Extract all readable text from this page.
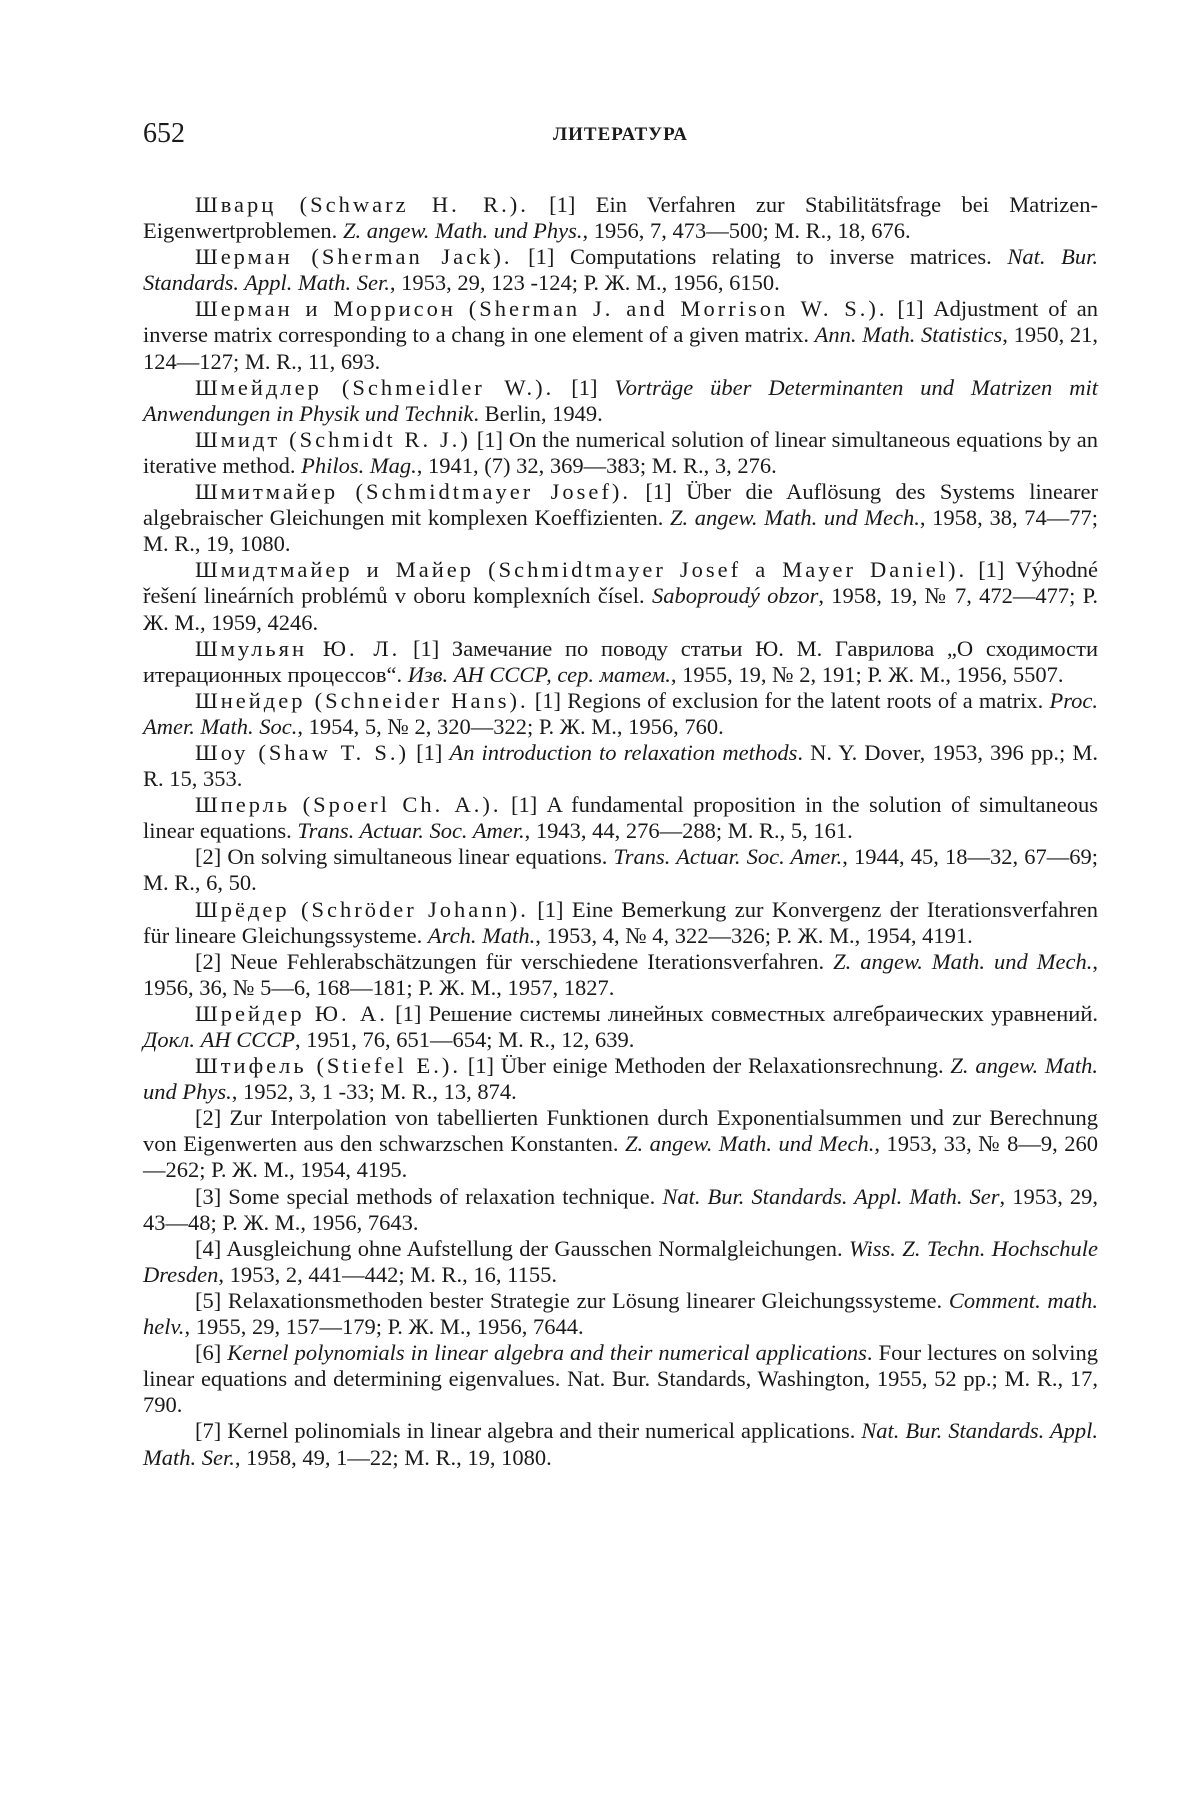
652	ЛИТЕРАТУРА

Шварц (Schwarz H. R.). [1] Ein Verfahren zur Stabilitätsfrage bei Matrizen-Eigenwertproblemen. Z. angew. Math. und Phys., 1956, 7, 473—500; М. R., 18, 676.

Шерман (Sherman Jack). [1] Computations relating to inverse matrices. Nat. Bur. Standards. Appl. Math. Ser., 1953, 29, 123 -124; Р. Ж. М., 1956, 6150.

Шерман и Моррисон (Sherman J. and Morrison W. S.). [1] Adjustment of an inverse matrix corresponding to a chang in one element of a given matrix. Ann. Math. Statistics, 1950, 21, 124—127; М. R., 11, 693.

Шмейдлер (Schmeidler W.). [1] Vorträge über Determinanten und Matrizen mit Anwendungen in Physik und Technik. Berlin, 1949.

Шмидт (Schmidt R. J.) [1] On the numerical solution of linear simultaneous equations by an iterative method. Philos. Mag., 1941, (7) 32, 369—383; М. R., 3, 276.

Шмитмайер (Schmidtmayer Josef). [1] Über die Auflösung des Systems linearer algebraischer Gleichungen mit komplexen Koeffizienten. Z. angew. Math. und Mech., 1958, 38, 74—77; М. R., 19, 1080.

Шмидтмайер и Майер (Schmidtmayer Josef a Mayer Daniel). [1] Výhodné řešení lineárních problémů v oboru komplexních čísel. Saboproudý obzor, 1958, 19, № 7, 472—477; Р. Ж. М., 1959, 4246.

Шмульян Ю. Л. [1] Замечание по поводу статьи Ю. М. Гаврилова „О сходимости итерационных процессов“. Изв. АН СССР, сер. матем., 1955, 19, № 2, 191; Р. Ж. М., 1956, 5507.

Шнейдер (Schneider Hans). [1] Regions of exclusion for the latent roots of a matrix. Proc. Amer. Math. Soc., 1954, 5, № 2, 320—322; Р. Ж. М., 1956, 760.

Шоу (Shaw T. S.) [1] An introduction to relaxation methods. N. Y. Dover, 1953, 396 pp.; М. R. 15, 353.

Шперль (Spoerl Ch. A.). [1] A fundamental proposition in the solution of simultaneous linear equations. Trans. Actuar. Soc. Amer., 1943, 44, 276—288; М. R., 5, 161.

[2] On solving simultaneous linear equations. Trans. Actuar. Soc. Amer., 1944, 45, 18—32, 67—69; М. R., 6, 50.

Шрёдер (Schröder Johann). [1] Eine Bemerkung zur Konvergenz der Iterationsverfahren für lineare Gleichungssysteme. Arch. Math., 1953, 4, № 4, 322—326; Р. Ж. М., 1954, 4191.

[2] Neue Fehlerabschätzungen für verschiedene Iterationsverfahren. Z. angew. Math. und Mech., 1956, 36, № 5—6, 168—181; Р. Ж. М., 1957, 1827.

Шрейдер Ю. А. [1] Решение системы линейных совместных алгебраических уравнений. Докл. АН СССР, 1951, 76, 651—654; М. R., 12, 639.

Штифель (Stiefel E.). [1] Über einige Methoden der Relaxationsrechnung. Z. angew. Math. und Phys., 1952, 3, 1 -33; М. R., 13, 874.

[2] Zur Interpolation von tabellierten Funktionen durch Exponentialsummen und zur Berechnung von Eigenwerten aus den schwarzschen Konstanten. Z. angew. Math. und Mech., 1953, 33, № 8—9, 260—262; Р. Ж. М., 1954, 4195.

[3] Some special methods of relaxation technique. Nat. Bur. Standards. Appl. Math. Ser, 1953, 29, 43—48; Р. Ж. М., 1956, 7643.

[4] Ausgleichung ohne Aufstellung der Gausschen Normalgleichungen. Wiss. Z. Techn. Hochschule Dresden, 1953, 2, 441—442; М. R., 16, 1155.

[5] Relaxationsmethoden bester Strategie zur Lösung linearer Gleichungssysteme. Comment. math. helv., 1955, 29, 157—179; Р. Ж. М., 1956, 7644.

[6] Kernel polynomials in linear algebra and their numerical applications. Four lectures on solving linear equations and determining eigenvalues. Nat. Bur. Standards, Washington, 1955, 52 pp.; М. R., 17, 790.

[7] Kernel polinomials in linear algebra and their numerical applications. Nat. Bur. Standards. Appl. Math. Ser., 1958, 49, 1—22; М. R., 19, 1080.
